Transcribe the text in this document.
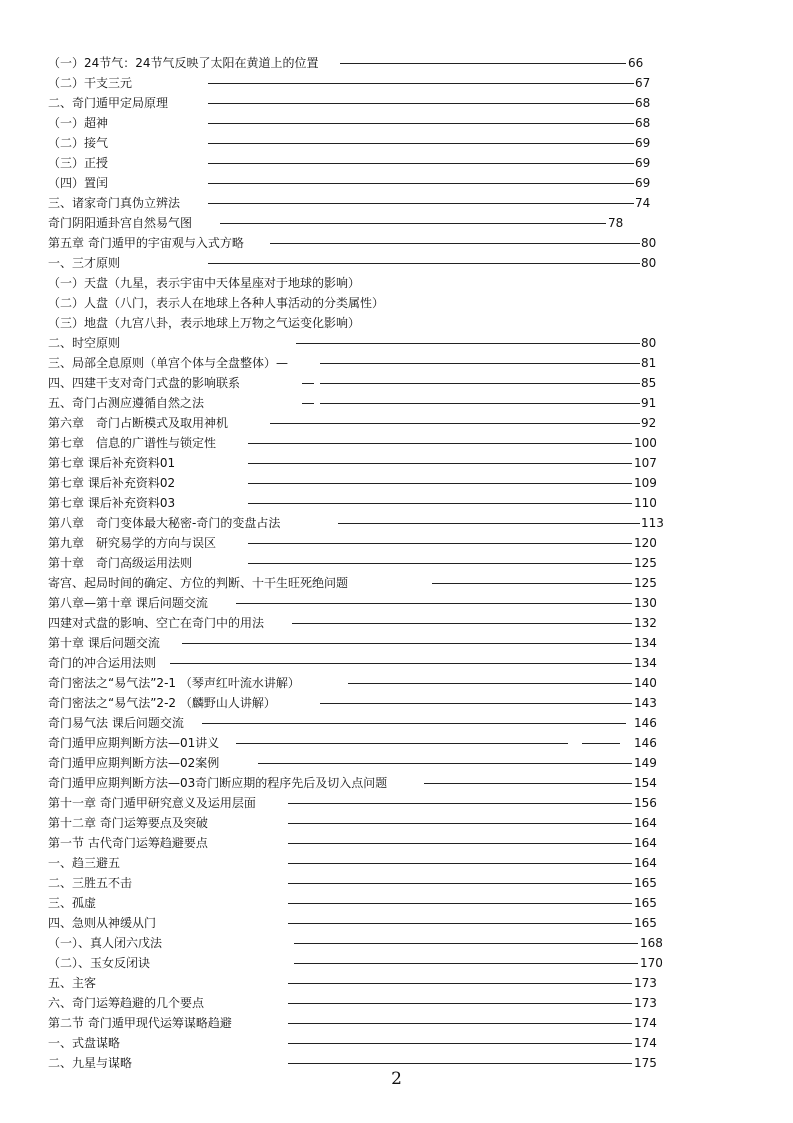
（一）24节气：24节气反映了太阳在黄道上的位置	66
（二）干支三元	67
二、奇门遁甲定局原理	68
（一）超神	68
（二）接气	69
（三）正授	69
（四）置闰	69
三、诸家奇门真伪立辨法	74
奇门阴阳遁卦宫自然易气图	78
第五章 奇门遁甲的宇宙观与入式方略	80
一、三才原则	80
（一）天盘（九星，表示宇宙中天体星座对于地球的影响）
（二）人盘（八门，表示人在地球上各种人事活动的分类属性）
（三）地盘（九宫八卦，表示地球上万物之气运变化影响）
二、时空原则	80
三、局部全息原则（单宫个体与全盘整体）—	81
四、四建干支对奇门式盘的影响联系	85
五、奇门占测应遵循自然之法	91
第六章　奇门占断模式及取用神机	92
第七章　信息的广谱性与锁定性	100
第七章 课后补充资料01	107
第七章 课后补充资料02	109
第七章 课后补充资料03	110
第八章　奇门变体最大秘密-奇门的变盘占法	113
第九章　研究易学的方向与误区	120
第十章　奇门高级运用法则	125
寄宫、起局时间的确定、方位的判断、十干生旺死绝问题	125
第八章—第十章 课后问题交流	130
四建对式盘的影响、空亡在奇门中的用法	132
第十章 课后问题交流	134
奇门的冲合运用法则	134
奇门密法之“易气法”2-1 （琴声红叶流水讲解）	140
奇门密法之“易气法”2-2 （麟野山人讲解）	143
奇门易气法 课后问题交流	146
奇门遁甲应期判断方法—01讲义	146
奇门遁甲应期判断方法—02案例	149
奇门遁甲应期判断方法—03奇门断应期的程序先后及切入点问题	154
第十一章 奇门遁甲研究意义及运用层面	156
第十二章 奇门运筹要点及突破	164
第一节 古代奇门运筹趋避要点	164
一、趋三避五	164
二、三胜五不击	165
三、孤虚	165
四、急则从神缓从门	165
（一）、真人闭六戊法	168
（二）、玉女反闭诀	170
五、主客	173
六、奇门运筹趋避的几个要点	173
第二节 奇门遁甲现代运筹谋略趋避	174
一、式盘谋略	174
二、九星与谋略	175
2
